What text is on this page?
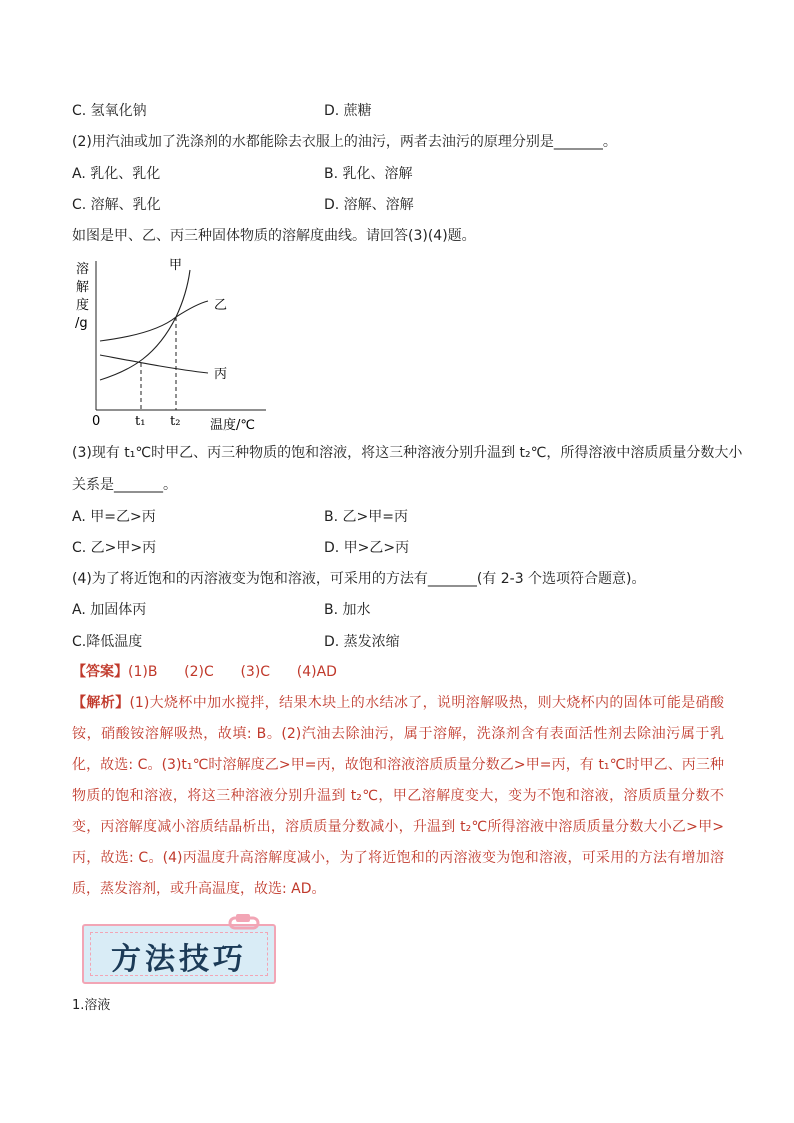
C. 氢氧化钠	D. 蔗糖
(2)用汽油或加了洗涤剂的水都能除去衣服上的油污，两者去油污的原理分别是_______。
A. 乳化、乳化	B. 乳化、溶解
C. 溶解、乳化	D. 溶解、溶解
如图是甲、乙、丙三种固体物质的溶解度曲线。请回答(3)(4)题。
溶
解
度
/g
甲
乙
丙
0	t₁ t₂ 温度/℃
(3)现有 t₁℃时甲乙、丙三种物质的饱和溶液，将这三种溶液分别升温到 t₂℃，所得溶液中溶质质量分数大小
关系是_______。
A. 甲=乙>丙	B. 乙>甲=丙
C. 乙>甲>丙	D. 甲>乙>丙
(4)为了将近饱和的丙溶液变为饱和溶液，可采用的方法有_______(有 2-3 个选项符合题意)。
A. 加固体丙	B. 加水
C.降低温度	D. 蒸发浓缩
【答案】(1)B      (2)C      (3)C      (4)AD
【解析】(1)大烧杯中加水搅拌，结果木块上的水结冰了，说明溶解吸热，则大烧杯内的固体可能是硝酸铵，硝酸铵溶解吸热，故填: B。(2)汽油去除油污，属于溶解，洗涤剂含有表面活性剂去除油污属于乳化，故选: C。(3)t₁℃时溶解度乙>甲=丙，故饱和溶液溶质质量分数乙>甲=丙，有 t₁℃时甲乙、丙三种物质的饱和溶液，将这三种溶液分别升温到 t₂℃，甲乙溶解度变大，变为不饱和溶液，溶质质量分数不变，丙溶解度减小溶质结晶析出，溶质质量分数减小，升温到 t₂℃所得溶液中溶质质量分数大小乙>甲>丙，故选: C。(4)丙温度升高溶解度减小，为了将近饱和的丙溶液变为饱和溶液，可采用的方法有增加溶质，蒸发溶剂，或升高温度，故选: AD。
方法技巧
1.溶液
